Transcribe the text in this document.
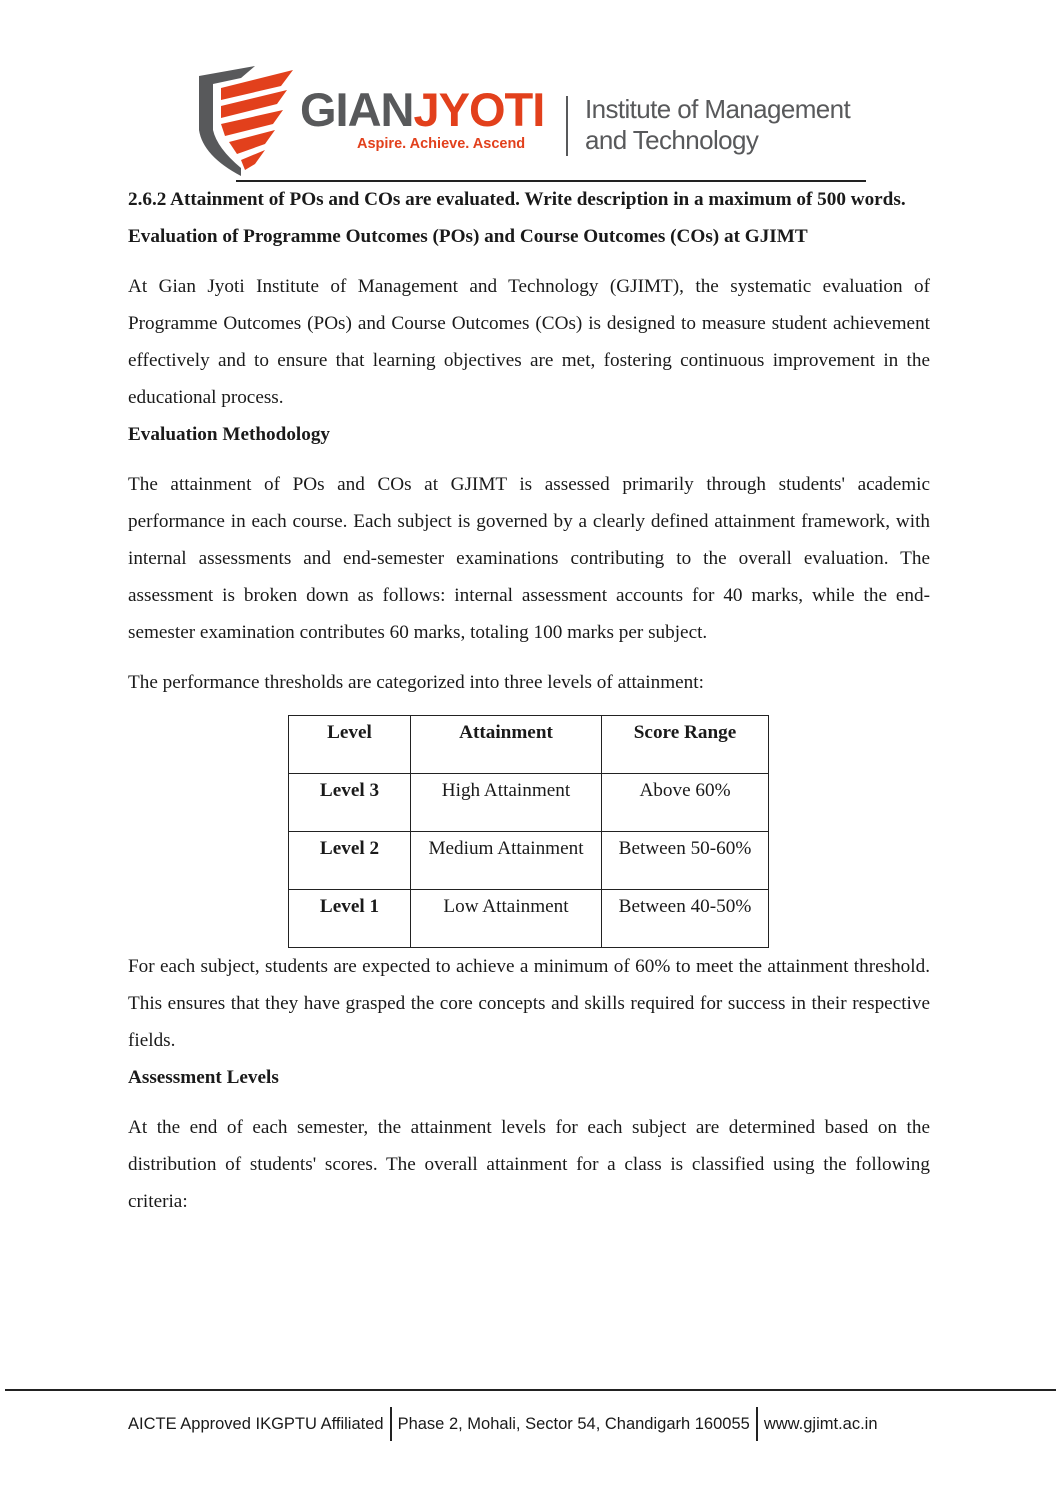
GIANJYOTI
Aspire. Achieve. Ascend
Institute of Management
and Technology

2.6.2 Attainment of POs and COs are evaluated. Write description in a maximum of 500 words.

Evaluation of Programme Outcomes (POs) and Course Outcomes (COs) at GJIMT

At Gian Jyoti Institute of Management and Technology (GJIMT), the systematic evaluation of Programme Outcomes (POs) and Course Outcomes (COs) is designed to measure student achievement effectively and to ensure that learning objectives are met, fostering continuous improvement in the educational process.

Evaluation Methodology

The attainment of POs and COs at GJIMT is assessed primarily through students' academic performance in each course. Each subject is governed by a clearly defined attainment framework, with internal assessments and end-semester examinations contributing to the overall evaluation. The assessment is broken down as follows: internal assessment accounts for 40 marks, while the end-semester examination contributes 60 marks, totaling 100 marks per subject.

The performance thresholds are categorized into three levels of attainment:

Level	Attainment	Score Range
Level 3	High Attainment	Above 60%
Level 2	Medium Attainment	Between 50-60%
Level 1	Low Attainment	Between 40-50%

For each subject, students are expected to achieve a minimum of 60% to meet the attainment threshold. This ensures that they have grasped the core concepts and skills required for success in their respective fields.

Assessment Levels

At the end of each semester, the attainment levels for each subject are determined based on the distribution of students' scores. The overall attainment for a class is classified using the following criteria:

AICTE Approved IKGPTU Affiliated Phase 2, Mohali, Sector 54, Chandigarh 160055 www.gjimt.ac.in
